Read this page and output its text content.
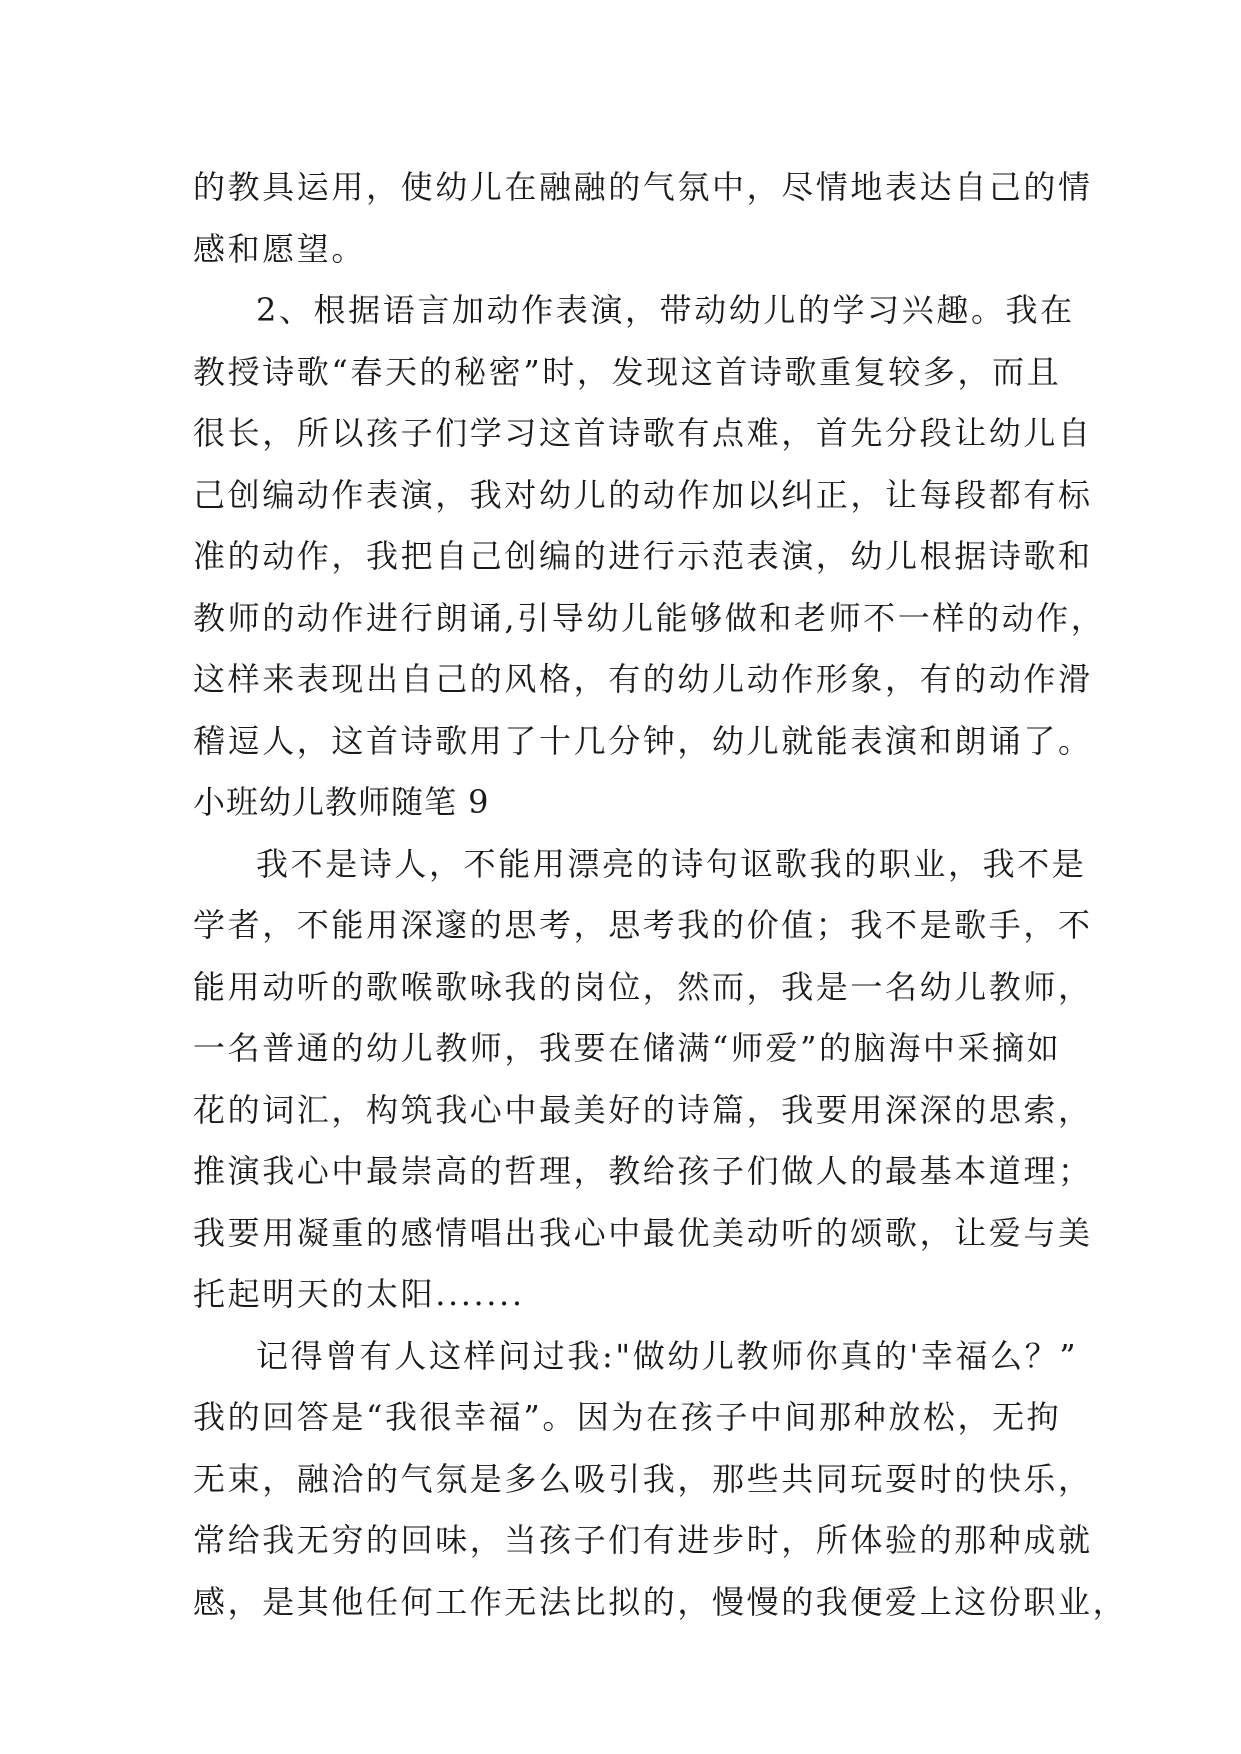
的教具运用，使幼儿在融融的气氛中，尽情地表达自己的情
感和愿望。
2、根据语言加动作表演，带动幼儿的学习兴趣。我在
教授诗歌“春天的秘密”时，发现这首诗歌重复较多，而且
很长，所以孩子们学习这首诗歌有点难，首先分段让幼儿自
己创编动作表演，我对幼儿的动作加以纠正，让每段都有标
准的动作，我把自己创编的进行示范表演，幼儿根据诗歌和
教师的动作进行朗诵,引导幼儿能够做和老师不一样的动作，
这样来表现出自己的风格，有的幼儿动作形象，有的动作滑
稽逗人，这首诗歌用了十几分钟，幼儿就能表演和朗诵了。
小班幼儿教师随笔 9
我不是诗人，不能用漂亮的诗句讴歌我的职业，我不是
学者，不能用深邃的思考，思考我的价值；我不是歌手，不
能用动听的歌喉歌咏我的岗位，然而，我是一名幼儿教师，
一名普通的幼儿教师，我要在储满“师爱”的脑海中采摘如
花的词汇，构筑我心中最美好的诗篇，我要用深深的思索，
推演我心中最崇高的哲理，教给孩子们做人的最基本道理；
我要用凝重的感情唱出我心中最优美动听的颂歌，让爱与美
托起明天的太阳.......
记得曾有人这样问过我:"做幼儿教师你真的'幸福么？”
我的回答是“我很幸福”。因为在孩子中间那种放松，无拘
无束，融洽的气氛是多么吸引我，那些共同玩耍时的快乐，
常给我无穷的回味，当孩子们有进步时，所体验的那种成就
感，是其他任何工作无法比拟的，慢慢的我便爱上这份职业，
